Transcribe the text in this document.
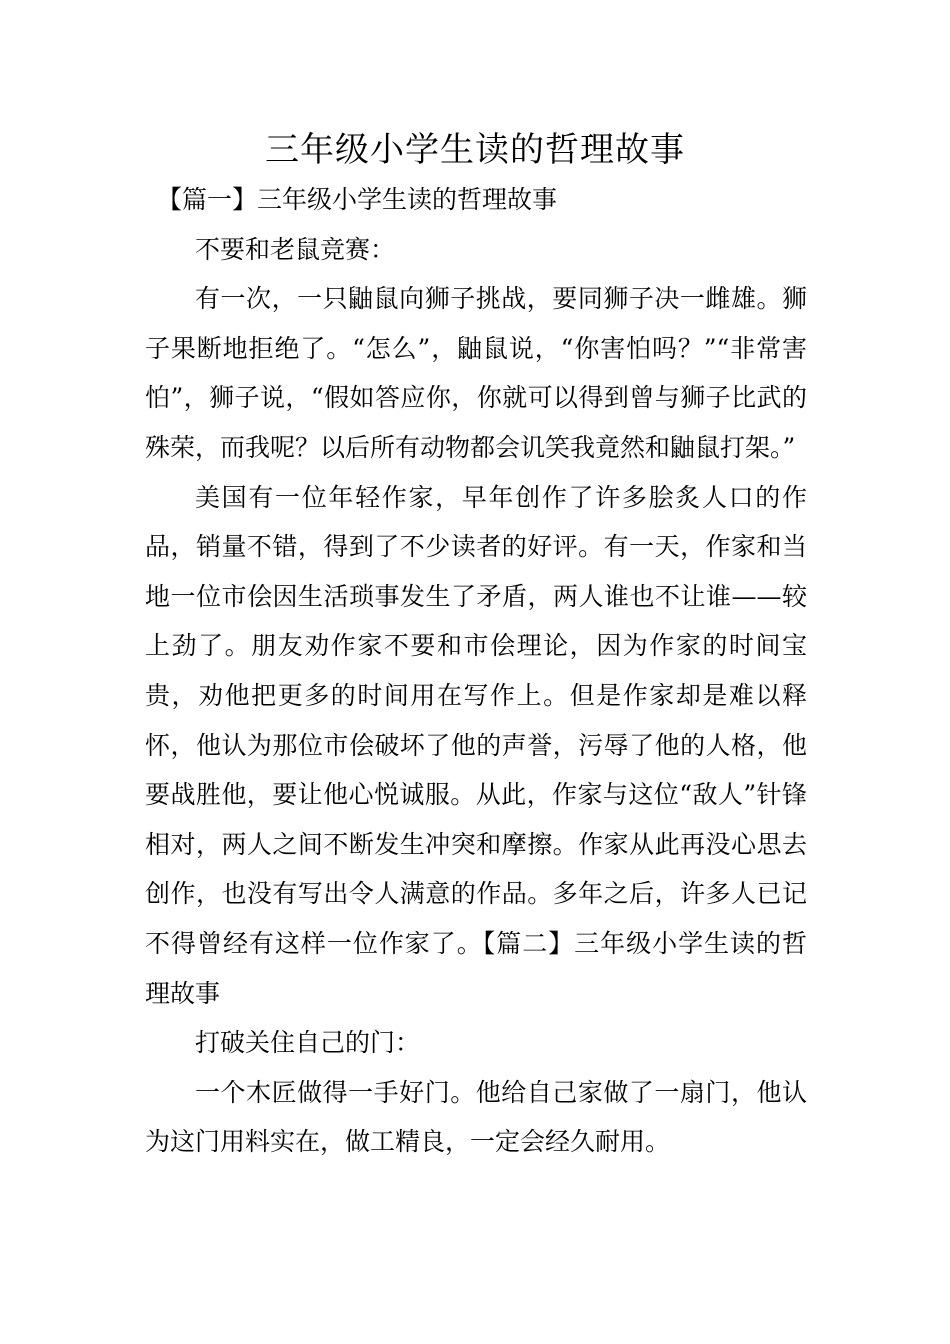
三年级小学生读的哲理故事

【篇一】三年级小学生读的哲理故事

不要和老鼠竞赛：

有一次，一只鼬鼠向狮子挑战，要同狮子决一雌雄。狮子果断地拒绝了。“怎么”，鼬鼠说，“你害怕吗？”“非常害怕”，狮子说，“假如答应你，你就可以得到曾与狮子比武的殊荣，而我呢？以后所有动物都会讥笑我竟然和鼬鼠打架。”

美国有一位年轻作家，早年创作了许多脍炙人口的作品，销量不错，得到了不少读者的好评。有一天，作家和当地一位市侩因生活琐事发生了矛盾，两人谁也不让谁——较上劲了。朋友劝作家不要和市侩理论，因为作家的时间宝贵，劝他把更多的时间用在写作上。但是作家却是难以释怀，他认为那位市侩破坏了他的声誉，污辱了他的人格，他要战胜他，要让他心悦诚服。从此，作家与这位“敌人”针锋相对，两人之间不断发生冲突和摩擦。作家从此再没心思去创作，也没有写出令人满意的作品。多年之后，许多人已记不得曾经有这样一位作家了。【篇二】三年级小学生读的哲理故事

打破关住自己的门：

一个木匠做得一手好门。他给自己家做了一扇门，他认为这门用料实在，做工精良，一定会经久耐用。
